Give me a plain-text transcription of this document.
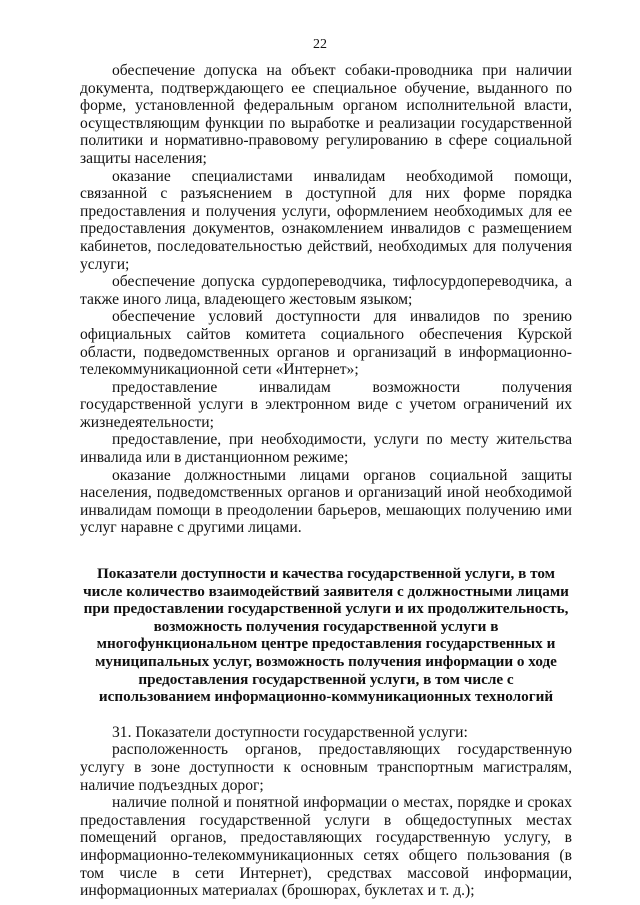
22

обеспечение допуска на объект собаки-проводника при наличии документа, подтверждающего ее специальное обучение, выданного по форме, установленной федеральным органом исполнительной власти, осуществляющим функции по выработке и реализации государственной политики и нормативно-правовому регулированию в сфере социальной защиты населения;

оказание специалистами инвалидам необходимой помощи, связанной с разъяснением в доступной для них форме порядка предоставления и получения услуги, оформлением необходимых для ее предоставления документов, ознакомлением инвалидов с размещением кабинетов, последовательностью действий, необходимых для получения услуги;

обеспечение допуска сурдопереводчика, тифлосурдопереводчика, а также иного лица, владеющего жестовым языком;

обеспечение условий доступности для инвалидов по зрению официальных сайтов комитета социального обеспечения Курской области, подведомственных органов и организаций в информационно-телекоммуникационной сети «Интернет»;

предоставление инвалидам возможности получения государственной услуги в электронном виде с учетом ограничений их жизнедеятельности;

предоставление, при необходимости, услуги по месту жительства инвалида или в дистанционном режиме;

оказание должностными лицами органов социальной защиты населения, подведомственных органов и организаций иной необходимой инвалидам помощи в преодолении барьеров, мешающих получению ими услуг наравне с другими лицами.

Показатели доступности и качества государственной услуги, в том числе количество взаимодействий заявителя с должностными лицами при предоставлении государственной услуги и их продолжительность, возможность получения государственной услуги в многофункциональном центре предоставления государственных и муниципальных услуг, возможность получения информации о ходе предоставления государственной услуги, в том числе с использованием информационно-коммуникационных технологий

31. Показатели доступности государственной услуги:

расположенность органов, предоставляющих государственную услугу в зоне доступности к основным транспортным магистралям, наличие подъездных дорог;

наличие полной и понятной информации о местах, порядке и сроках предоставления государственной услуги в общедоступных местах помещений органов, предоставляющих государственную услугу, в информационно-телекоммуникационных сетях общего пользования (в том числе в сети Интернет), средствах массовой информации, информационных материалах (брошюрах, буклетах и т. д.);
